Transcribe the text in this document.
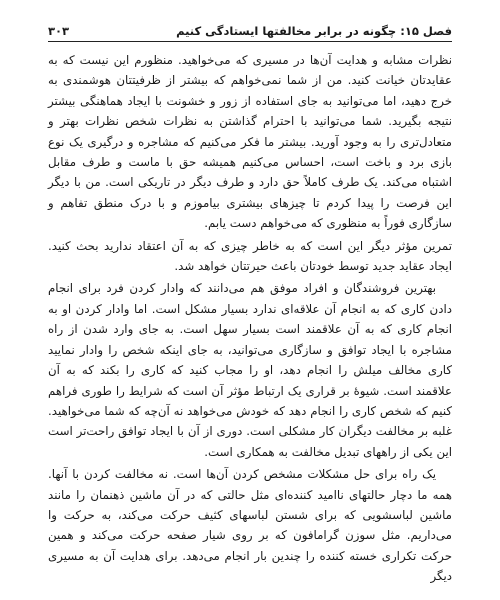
فصل ۱۵: چگونه در برابر مخالفتها ایستادگی کنیم
۳۰۳

نظرات مشابه و هدایت آن‌ها در مسیری که می‌خواهید. منظورم این نیست که به عقایدتان خیانت کنید. من از شما نمی‌خواهم که بیشتر از ظرفیتتان هوشمندی به خرج دهید، اما می‌توانید به جای استفاده از زور و خشونت با ایجاد هماهنگی بیشتر نتیجه بگیرید. شما می‌توانید با احترام گذاشتن به نظرات شخص نظرات بهتر و متعادل‌تری را به وجود آورید. بیشتر ما فکر می‌کنیم که مشاجره و درگیری یک نوع بازی برد و باخت است، احساس می‌کنیم همیشه حق با ماست و طرف مقابل اشتباه می‌کند. یک طرف کاملاً حق دارد و طرف دیگر در تاریکی است. من با دیگر این فرصت را پیدا کردم تا چیزهای بیشتری بیاموزم و با درک منطق تفاهم و سازگاری فوراً به منظوری که می‌خواهم دست یابم.

تمرین مؤثر دیگر این است که به خاطر چیزی که به آن اعتقاد ندارید بحث کنید. ایجاد عقاید جدید توسط خودتان باعث حیرتتان خواهد شد.

بهترین فروشندگان و افراد موفق هم می‌دانند که وادار کردن فرد برای انجام دادن کاری که به انجام آن علاقه‌ای ندارد بسیار مشکل است. اما وادار کردن او به انجام کاری که به آن علاقمند است بسیار سهل است. به جای وارد شدن از راه مشاجره با ایجاد توافق و سازگاری می‌توانید، به جای اینکه شخص را وادار نمایید کاری مخالف میلش را انجام دهد، او را مجاب کنید که کاری را بکند که به آن علاقمند است. شیوهٔ بر قراری یک ارتباط مؤثر آن است که شرایط را طوری فراهم کنیم که شخص کاری را انجام دهد که خودش می‌خواهد نه آن‌چه که شما می‌خواهید. غلبه بر مخالفت دیگران کار مشکلی است. دوری از آن با ایجاد توافق راحت‌تر است این یکی از راههای تبدیل مخالفت به همکاری است.

یک راه برای حل مشکلات مشخص کردن آن‌ها است. نه مخالفت کردن با آنها. همه ما دچار حالتهای ناامید کننده‌ای مثل حالتی که در آن ماشین ذهنمان را مانند ماشین لباسشویی که برای شستن لباسهای کثیف حرکت می‌کند، به حرکت وا می‌داریم. مثل سوزن گرامافون که بر روی شیار صفحه حرکت می‌کند و همین حرکت تکراری خسته کننده را چندین بار انجام می‌دهد. برای هدایت آن به مسیری دیگر
